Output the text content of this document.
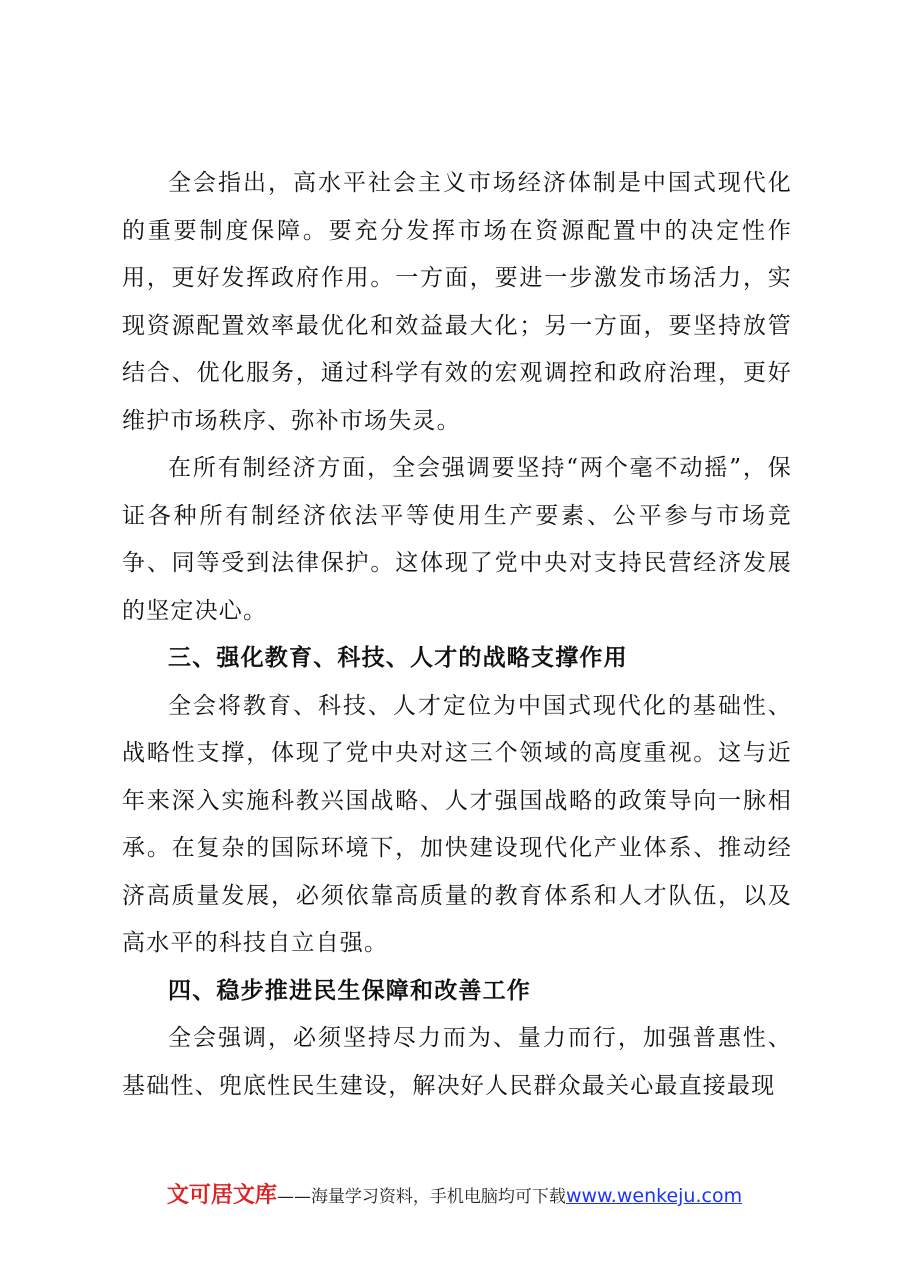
全会指出，高水平社会主义市场经济体制是中国式现代化的重要制度保障。要充分发挥市场在资源配置中的决定性作用，更好发挥政府作用。一方面，要进一步激发市场活力，实现资源配置效率最优化和效益最大化；另一方面，要坚持放管结合、优化服务，通过科学有效的宏观调控和政府治理，更好维护市场秩序、弥补市场失灵。

在所有制经济方面，全会强调要坚持“两个毫不动摇”，保证各种所有制经济依法平等使用生产要素、公平参与市场竞争、同等受到法律保护。这体现了党中央对支持民营经济发展的坚定决心。

三、强化教育、科技、人才的战略支撑作用

全会将教育、科技、人才定位为中国式现代化的基础性、战略性支撑，体现了党中央对这三个领域的高度重视。这与近年来深入实施科教兴国战略、人才强国战略的政策导向一脉相承。在复杂的国际环境下，加快建设现代化产业体系、推动经济高质量发展，必须依靠高质量的教育体系和人才队伍，以及高水平的科技自立自强。

四、稳步推进民生保障和改善工作

全会强调，必须坚持尽力而为、量力而行，加强普惠性、基础性、兜底性民生建设，解决好人民群众最关心最直接最现

文可居文库——海量学习资料，手机电脑均可下载www.wenkeju.com
